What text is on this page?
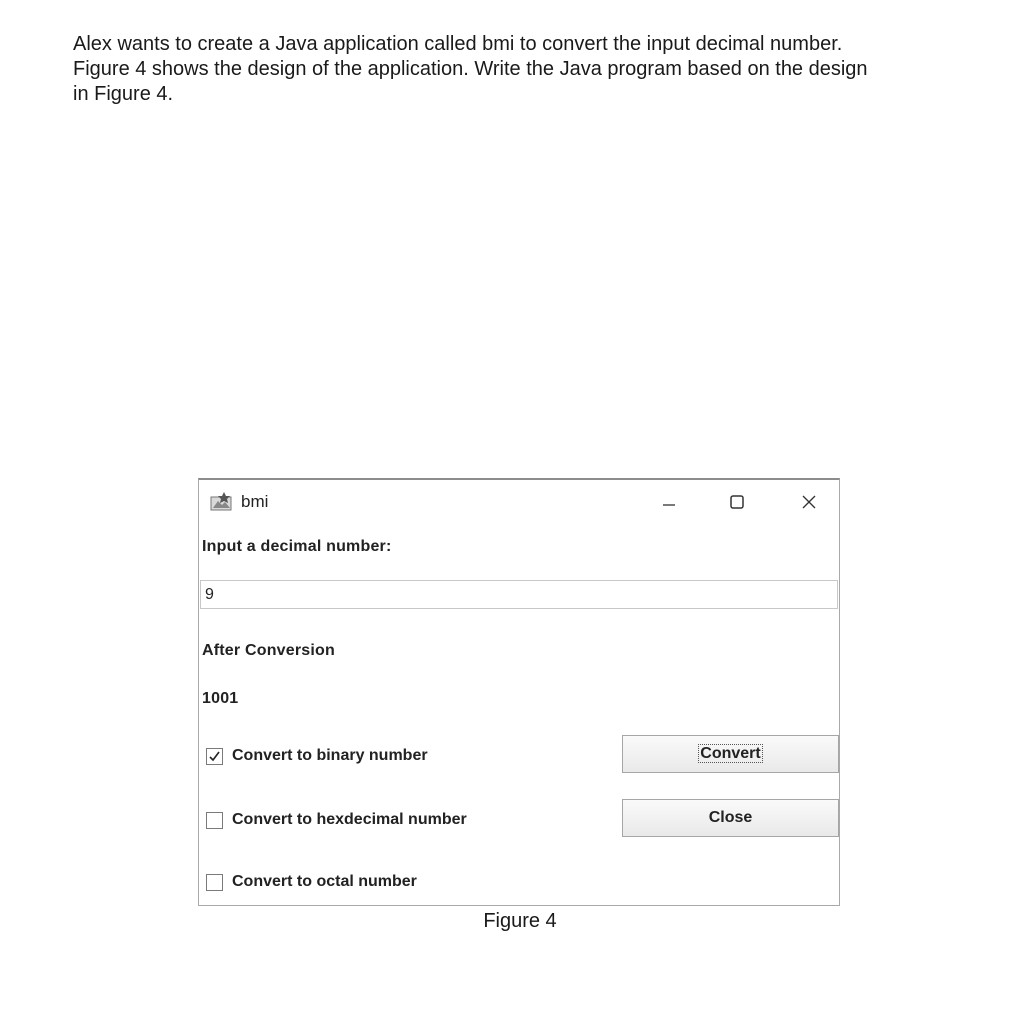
Alex wants to create a Java application called bmi to convert the input decimal number.

Figure 4 shows the design of the application. Write the Java program based on the design

in Figure 4.

bmi
Input a decimal number:
9
After Conversion
1001
Convert to binary number
Convert to hexdecimal number
Convert to octal number
Convert
Close
Figure 4
